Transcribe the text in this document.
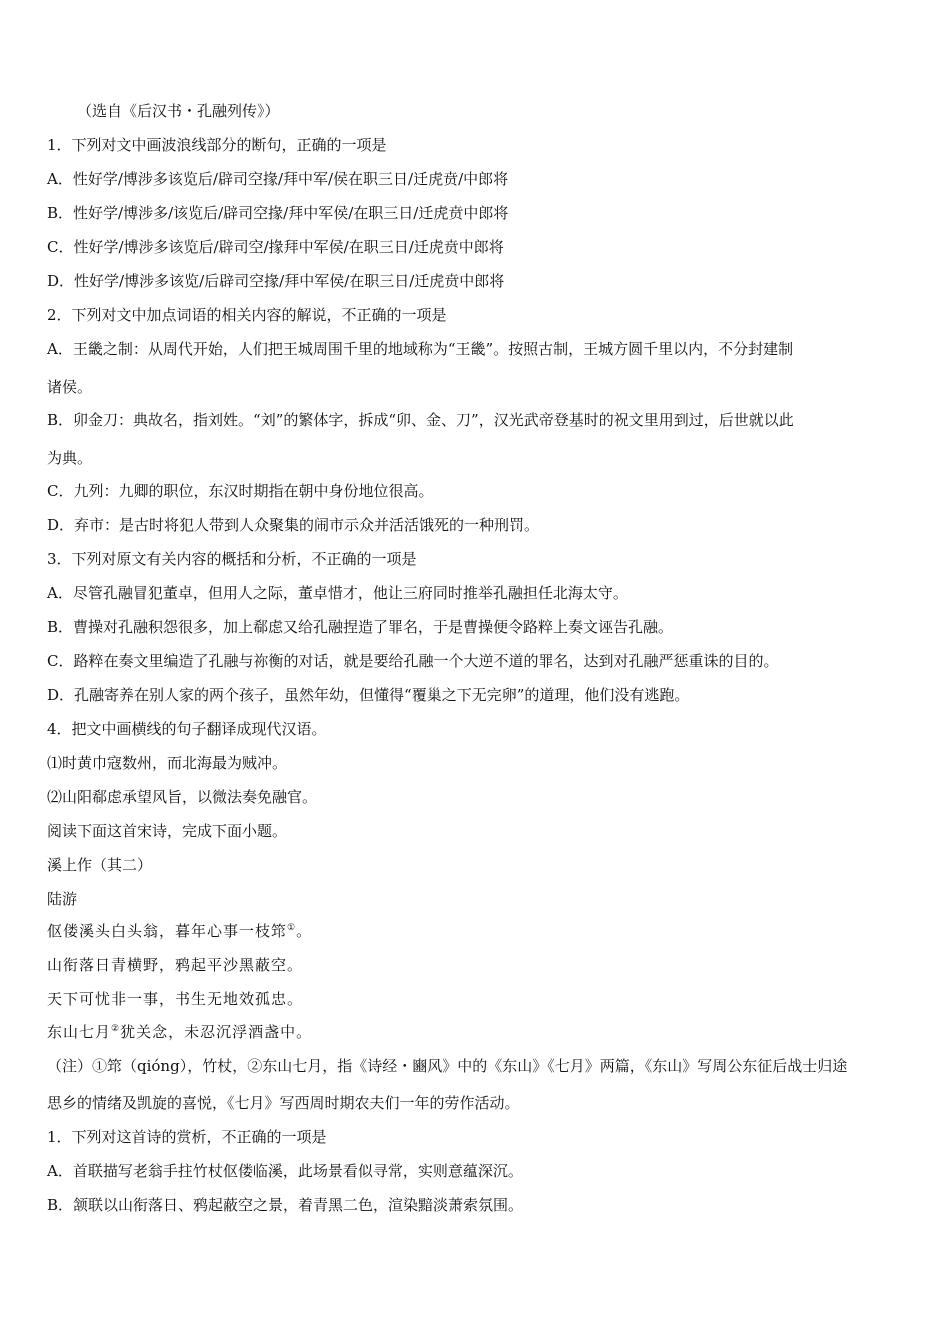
（选自《后汉书・孔融列传》）
1．下列对文中画波浪线部分的断句，正确的一项是
A．性好学/博涉多该览后/辟司空掾/拜中军/侯在职三日/迁虎贲/中郎将
B．性好学/博涉多/该览后/辟司空掾/拜中军侯/在职三日/迁虎贲中郎将
C．性好学/博涉多该览后/辟司空/掾拜中军侯/在职三日/迁虎贲中郎将
D．性好学/博涉多该览/后辟司空掾/拜中军侯/在职三日/迁虎贲中郎将
2．下列对文中加点词语的相关内容的解说，不正确的一项是
A．王畿之制：从周代开始，人们把王城周围千里的地域称为“王畿”。按照古制，王城方圆千里以内，不分封建制
诸侯。
B．卯金刀：典故名，指刘姓。“刘”的繁体字，拆成“卯、金、刀”，汉光武帝登基时的祝文里用到过，后世就以此
为典。
C．九列：九卿的职位，东汉时期指在朝中身份地位很高。
D．弃市：是古时将犯人带到人众聚集的闹市示众并活活饿死的一种刑罚。
3．下列对原文有关内容的概括和分析，不正确的一项是
A．尽管孔融冒犯董卓，但用人之际，董卓惜才，他让三府同时推举孔融担任北海太守。
B．曹操对孔融积怨很多，加上郗虑又给孔融捏造了罪名，于是曹操便令路粹上奏文诬告孔融。
C．路粹在奏文里编造了孔融与祢衡的对话，就是要给孔融一个大逆不道的罪名，达到对孔融严惩重诛的目的。
D．孔融寄养在别人家的两个孩子，虽然年幼，但懂得“覆巢之下无完卵”的道理，他们没有逃跑。
4．把文中画横线的句子翻译成现代汉语。
⑴时黄巾寇数州，而北海最为贼冲。
⑵山阳郗虑承望风旨，以微法奏免融官。
阅读下面这首宋诗，完成下面小题。
溪上作（其二）
陆游
伛偻溪头白头翁，暮年心事一枝筇①。
山衔落日青横野，鸦起平沙黑蔽空。
天下可忧非一事，书生无地效孤忠。
东山七月②犹关念，未忍沉浮酒盏中。
（注）①筇（qióng），竹杖，②东山七月，指《诗经・豳风》中的《东山》《七月》两篇，《东山》写周公东征后战士归途
思乡的情绪及凯旋的喜悦，《七月》写西周时期农夫们一年的劳作活动。
1．下列对这首诗的赏析，不正确的一项是
A．首联描写老翁手拄竹杖伛偻临溪，此场景看似寻常，实则意蕴深沉。
B．颔联以山衔落日、鸦起蔽空之景，着青黑二色，渲染黯淡萧索氛围。
